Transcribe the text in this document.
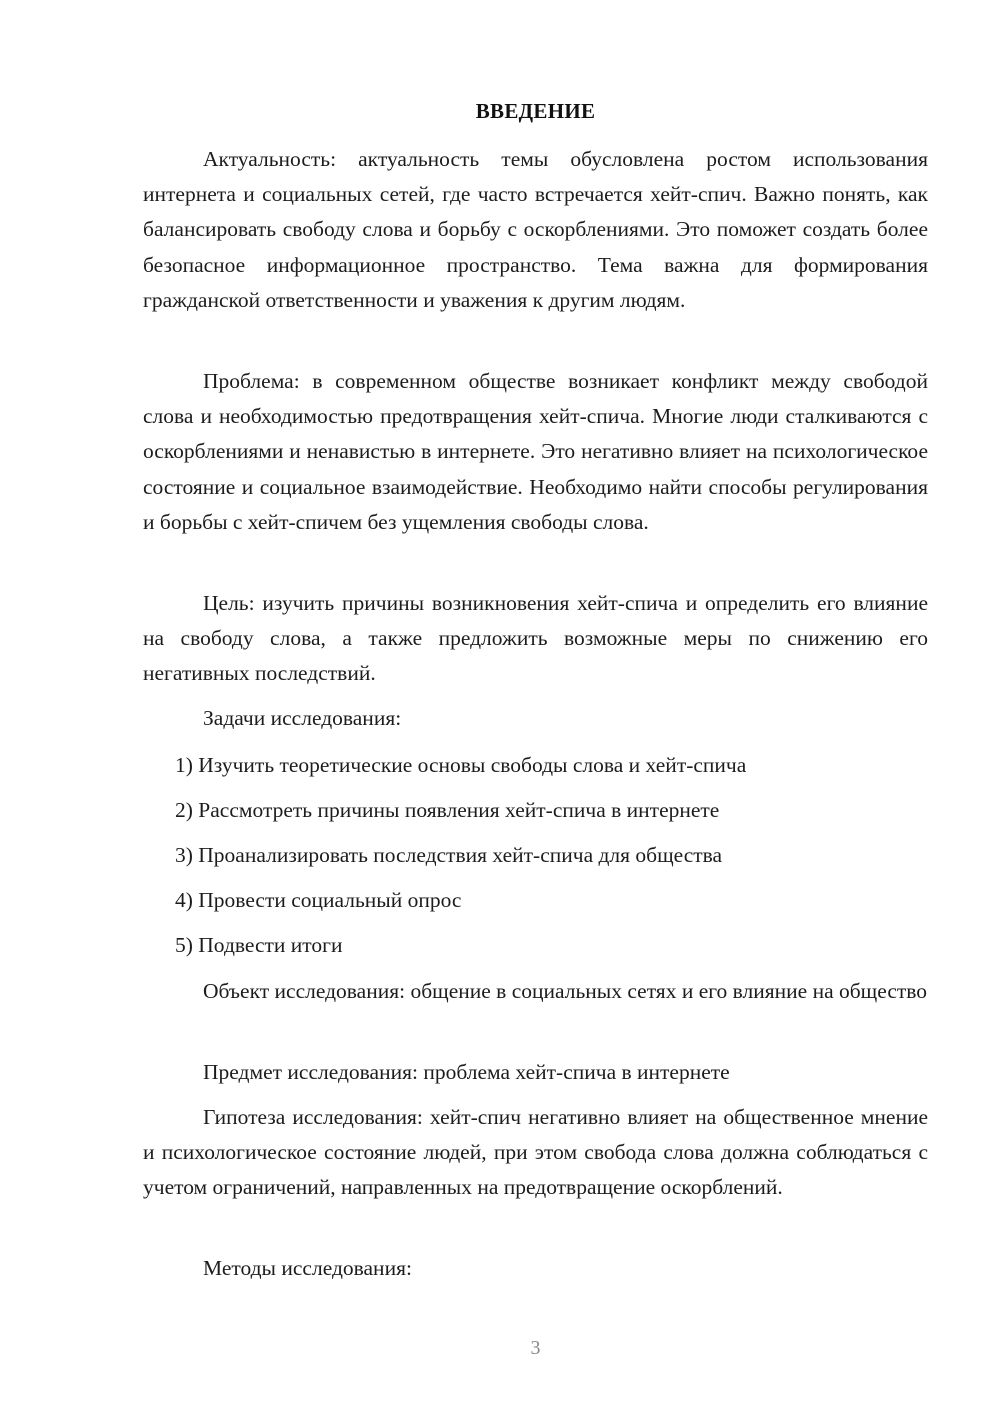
ВВЕДЕНИЕ

Актуальность: актуальность темы обусловлена ростом использования интернета и социальных сетей, где часто встречается хейт-спич. Важно понять, как балансировать свободу слова и борьбу с оскорблениями. Это поможет создать более безопасное информационное пространство. Тема важна для формирования гражданской ответственности и уважения к другим людям.

Проблема: в современном обществе возникает конфликт между свободой слова и необходимостью предотвращения хейт-спича. Многие люди сталкиваются с оскорблениями и ненавистью в интернете. Это негативно влияет на психологическое состояние и социальное взаимодействие. Необходимо найти способы регулирования и борьбы с хейт-спичем без ущемления свободы слова.

Цель: изучить причины возникновения хейт-спича и определить его влияние на свободу слова, а также предложить возможные меры по снижению его негативных последствий.

Задачи исследования:

1) Изучить теоретические основы свободы слова и хейт-спича

2) Рассмотреть причины появления хейт-спича в интернете

3) Проанализировать последствия хейт-спича для общества

4) Провести социальный опрос

5) Подвести итоги

Объект исследования: общение в социальных сетях и его влияние на общество

Предмет исследования: проблема хейт-спича в интернете

Гипотеза исследования: хейт-спич негативно влияет на общественное мнение и психологическое состояние людей, при этом свобода слова должна соблюдаться с учетом ограничений, направленных на предотвращение оскорблений.

Методы исследования:

3
